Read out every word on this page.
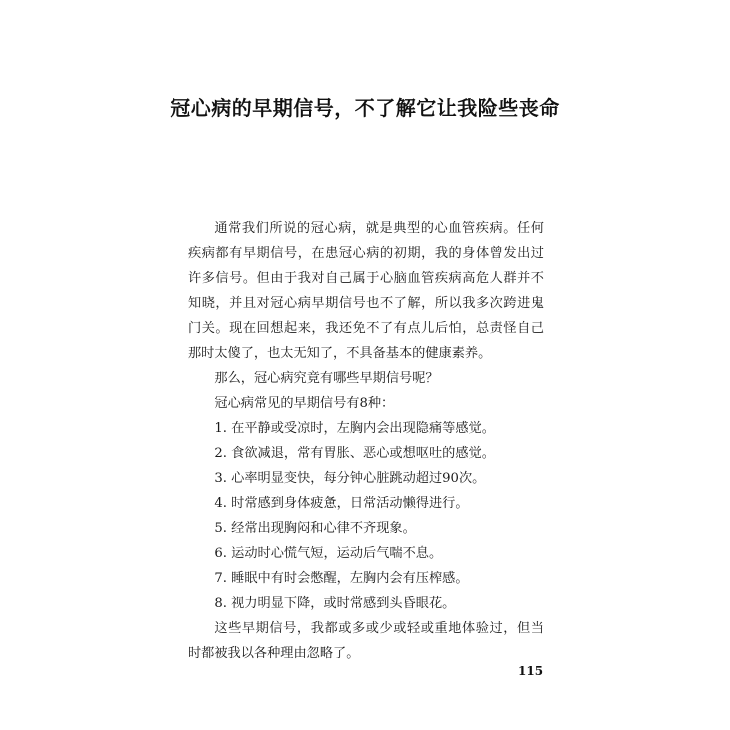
冠心病的早期信号，不了解它让我险些丧命

通常我们所说的冠心病，就是典型的心血管疾病。任何疾病都有早期信号，在患冠心病的初期，我的身体曾发出过许多信号。但由于我对自己属于心脑血管疾病高危人群并不知晓，并且对冠心病早期信号也不了解，所以我多次跨进鬼门关。现在回想起来，我还免不了有点儿后怕，总责怪自己那时太傻了，也太无知了，不具备基本的健康素养。

那么，冠心病究竟有哪些早期信号呢？

冠心病常见的早期信号有8种：

1. 在平静或受凉时，左胸内会出现隐痛等感觉。
2. 食欲减退，常有胃胀、恶心或想呕吐的感觉。
3. 心率明显变快，每分钟心脏跳动超过90次。
4. 时常感到身体疲惫，日常活动懒得进行。
5. 经常出现胸闷和心律不齐现象。
6. 运动时心慌气短，运动后气喘不息。
7. 睡眠中有时会憋醒，左胸内会有压榨感。
8. 视力明显下降，或时常感到头昏眼花。

这些早期信号，我都或多或少或轻或重地体验过，但当时都被我以各种理由忽略了。

115
